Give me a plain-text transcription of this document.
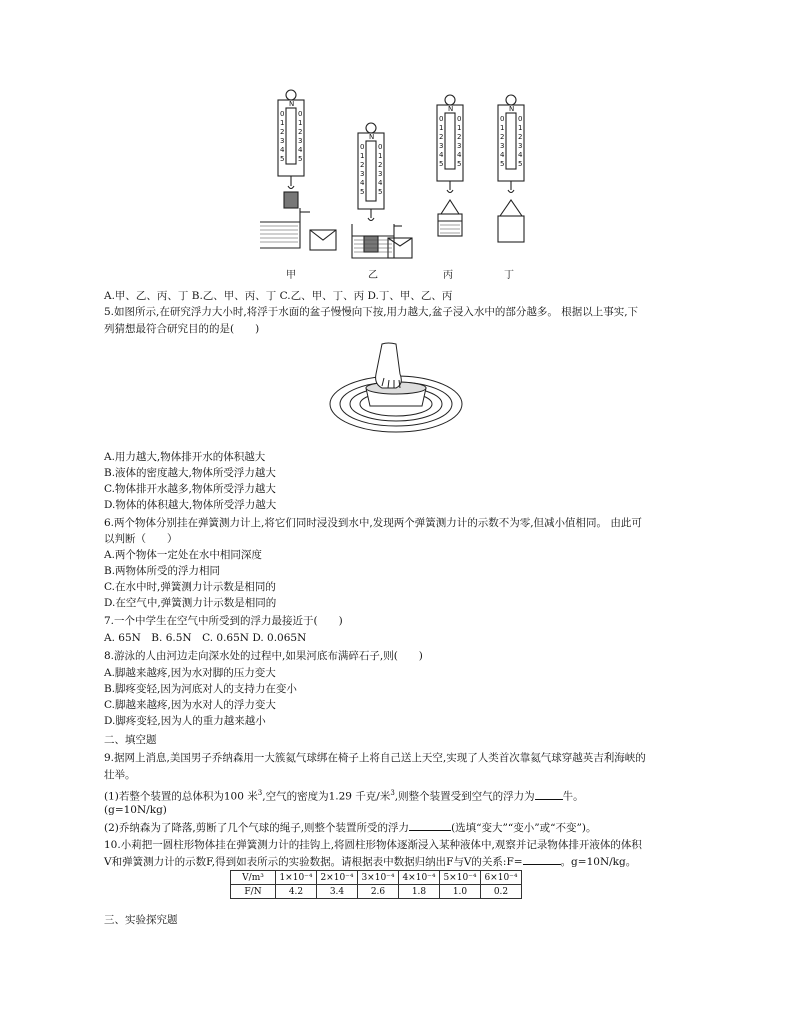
N
0 0
1 1
2 2
3 3
4 4
5 5
N
0 0
1 1
2 2
3 3
4 4
5 5
N
0 0
1 1
2 2
3 3
4 4
5 5
N
0 0
1 1
2 2
3 3
4 4
5 5
甲	乙	丙	丁
A.甲、乙、丙、丁 B.乙、甲、丙、丁 C.乙、甲、丁、丙 D.丁、甲、乙、丙
5.如图所示,在研究浮力大小时,将浮于水面的盆子慢慢向下按,用力越大,盆子浸入水中的部分越多。 根据以上事实,下
列猜想最符合研究目的的是(　　)
A.用力越大,物体排开水的体积越大
B.液体的密度越大,物体所受浮力越大
C.物体排开水越多,物体所受浮力越大
D.物体的体积越大,物体所受浮力越大
6.两个物体分别挂在弹簧测力计上,将它们同时浸没到水中,发现两个弹簧测力计的示数不为零,但减小值相同。 由此可
以判断（　　）
A.两个物体一定处在水中相同深度
B.两物体所受的浮力相同
C.在水中时,弹簧测力计示数是相同的
D.在空气中,弹簧测力计示数是相同的
7.一个中学生在空气中所受到的浮力最接近于(　　)
A. 65N　B. 6.5N　C. 0.65N D. 0.065N
8.游泳的人由河边走向深水处的过程中,如果河底布满碎石子,则(　　)
A.脚越来越疼,因为水对脚的压力变大
B.脚疼变轻,因为河底对人的支持力在变小
C.脚越来越疼,因为水对人的浮力变大
D.脚疼变轻,因为人的重力越来越小
二、填空题
9.据网上消息,美国男子乔纳森用一大簇氦气球绑在椅子上将自己送上天空,实现了人类首次靠氦气球穿越英吉利海峡的
壮举。
(1)若整个装置的总体积为100 米$^3$,空气的密度为1.29 千克/米$^3$,则整个装置受到空气的浮力为	牛。
(g=10N/kg)
(2)乔纳森为了降落,剪断了几个气球的绳子,则整个装置所受的浮力	(选填“变大”“变小”或“不变”)。
10.小莉把一圆柱形物体挂在弹簧测力计的挂钩上,将圆柱形物体逐渐浸入某种液体中,观察并记录物体排开液体的体积
V和弹簧测力计的示数F,得到如表所示的实验数据。请根据表中数据归纳出F与V的关系:F=	。g=10N/kg。
V/m³	1×10⁻⁴	2×10⁻⁴	3×10⁻⁴	4×10⁻⁴	5×10⁻⁴	6×10⁻⁴
F/N	4.2	3.4	2.6	1.8	1.0	0.2
三、实验探究题
